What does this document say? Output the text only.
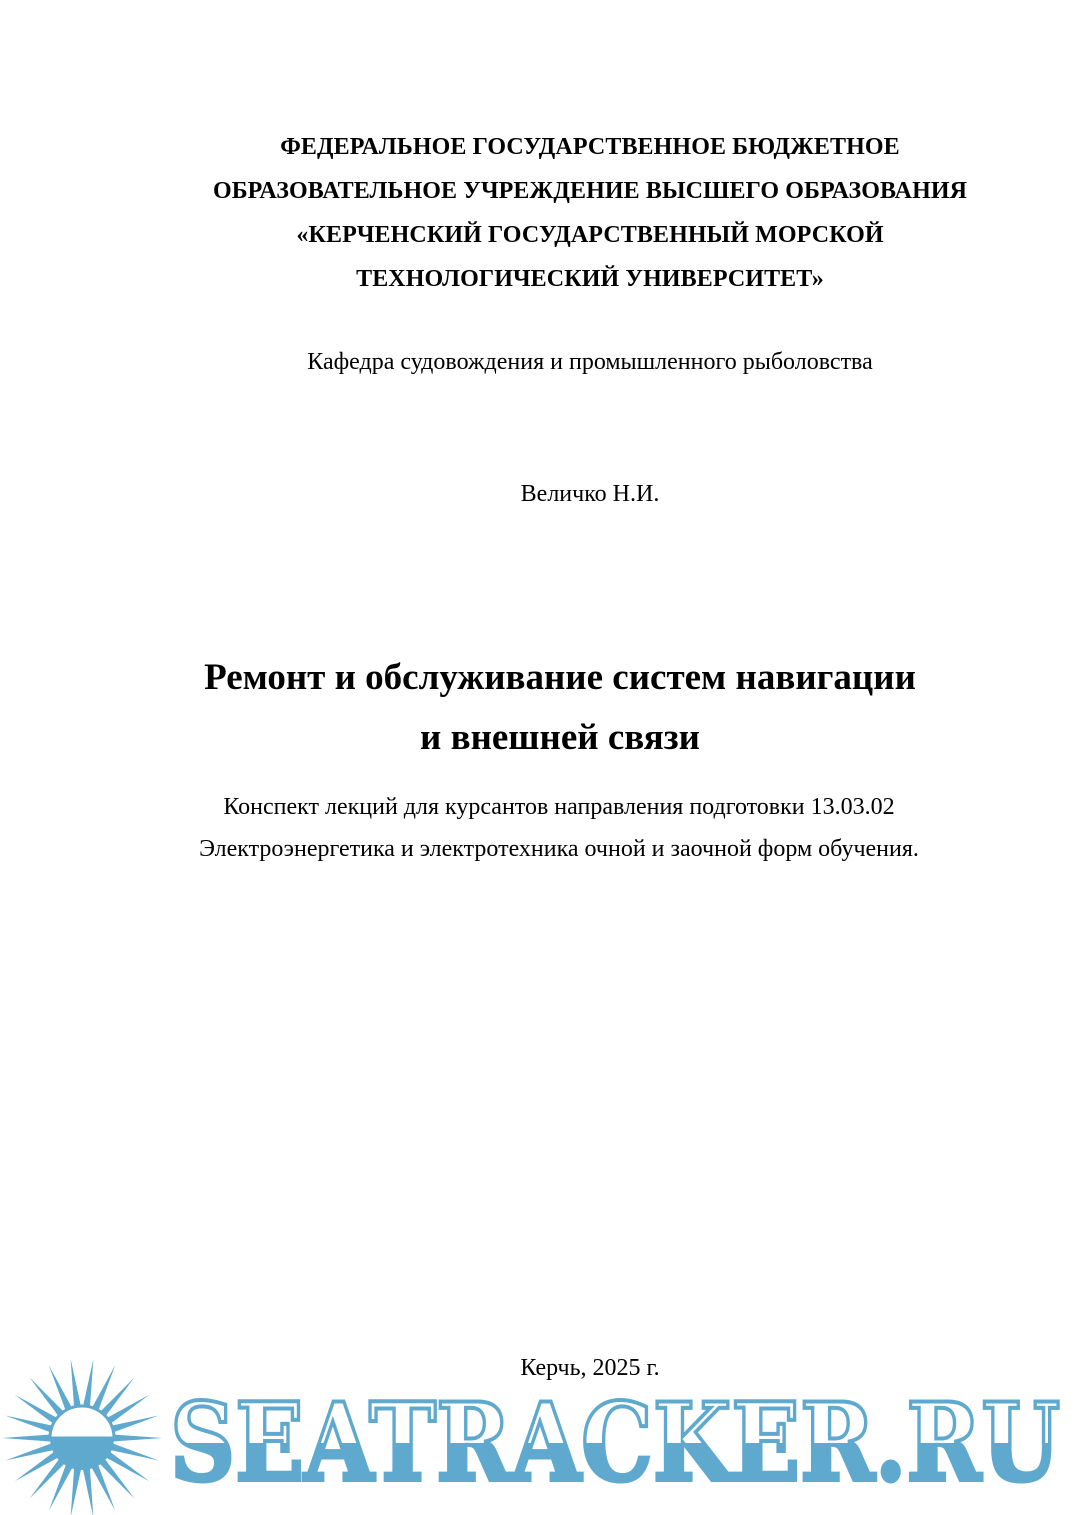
ФЕДЕРАЛЬНОЕ ГОСУДАРСТВЕННОЕ БЮДЖЕТНОЕ
ОБРАЗОВАТЕЛЬНОЕ УЧРЕЖДЕНИЕ ВЫСШЕГО ОБРАЗОВАНИЯ
«КЕРЧЕНСКИЙ ГОСУДАРСТВЕННЫЙ МОРСКОЙ
ТЕХНОЛОГИЧЕСКИЙ УНИВЕРСИТЕТ»
Кафедра судовождения и промышленного рыболовства
Величко Н.И.
Ремонт и обслуживание систем навигации
и внешней связи
Конспект лекций для курсантов направления подготовки 13.03.02
Электроэнергетика и электротехника очной и заочной форм обучения.
Керчь, 2025 г.
SEATRACKER.RU
